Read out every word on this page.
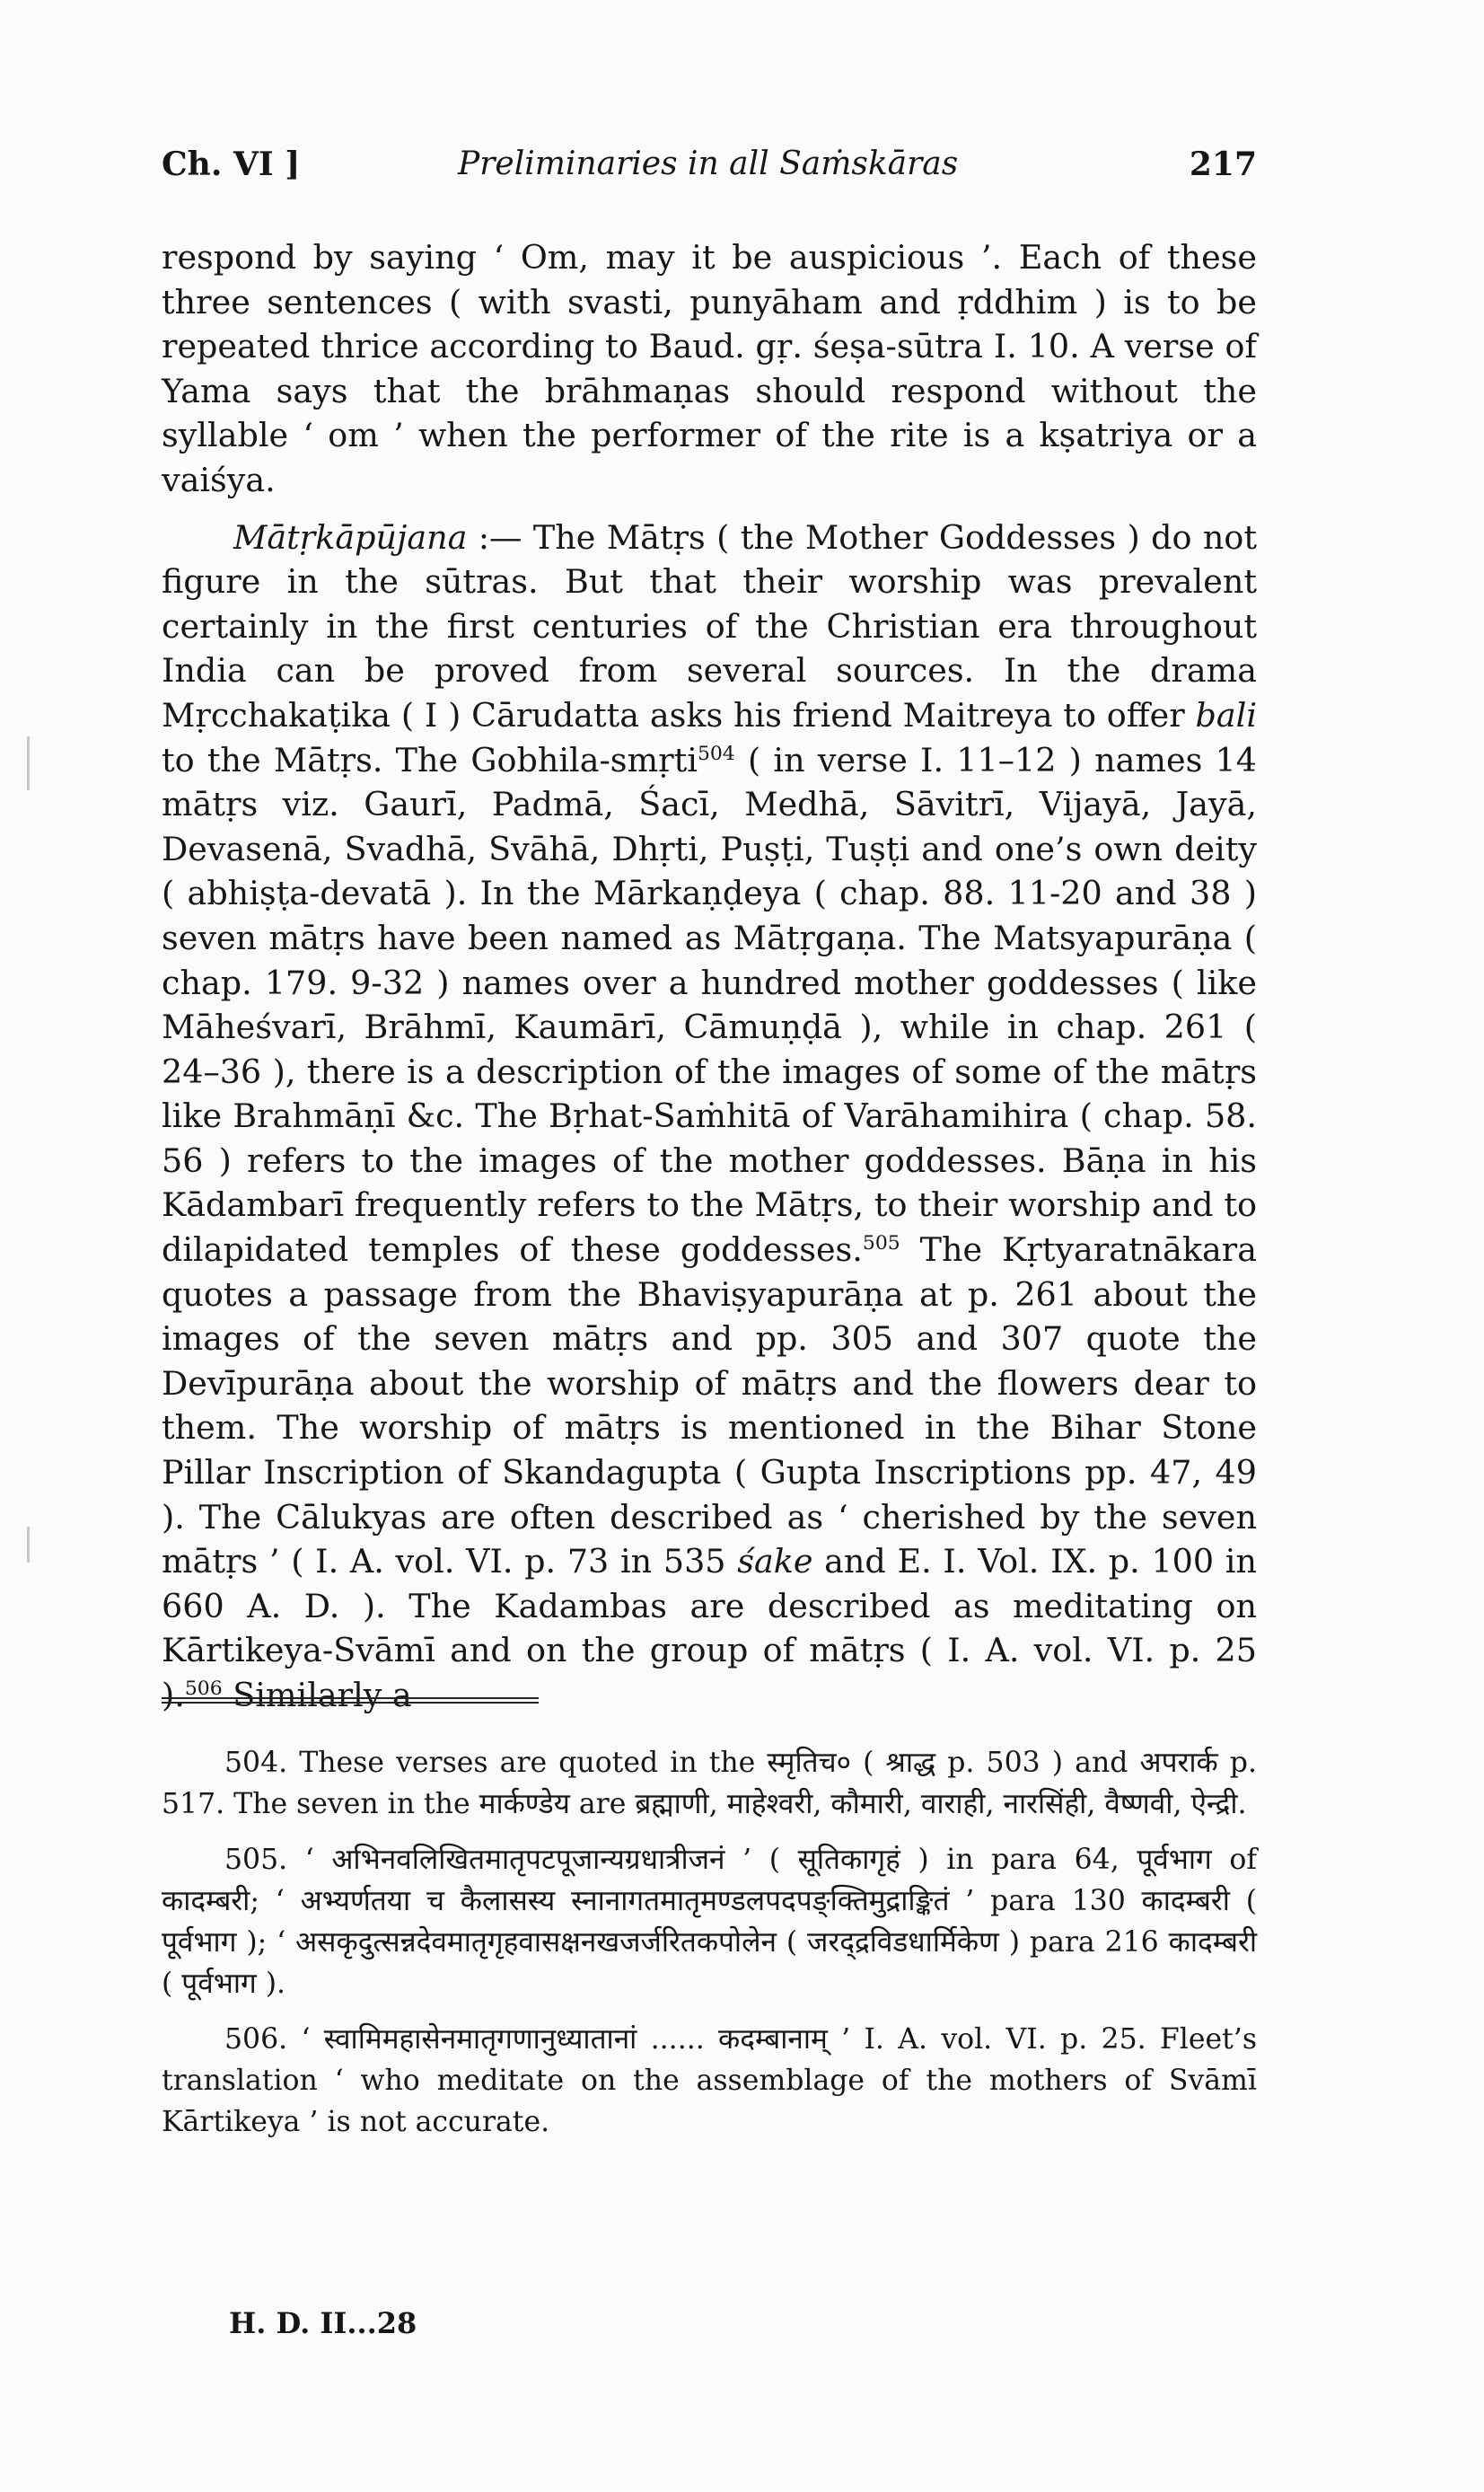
Ch. VI ]	Preliminaries in all Saṁskāras	217

respond by saying ‘ Om, may it be auspicious ’. Each of these three sentences ( with svasti, punyāham and ṛddhim ) is to be repeated thrice according to Baud. gṛ. śeṣa-sūtra I. 10. A verse of Yama says that the brāhmaṇas should respond without the syllable ‘ om ’ when the performer of the rite is a kṣatriya or a vaiśya.

Mātṛkāpūjana :— The Mātṛs ( the Mother Goddesses ) do not figure in the sūtras. But that their worship was prevalent certainly in the first centuries of the Christian era throughout India can be proved from several sources. In the drama Mṛcchakaṭika ( I ) Cārudatta asks his friend Maitreya to offer bali to the Mātṛs. The Gobhila-smṛti$^{504}$ ( in verse I. 11–12 ) names 14 mātṛs viz. Gaurī, Padmā, Śacī, Medhā, Sāvitrī, Vijayā, Jayā, Devasenā, Svadhā, Svāhā, Dhṛti, Puṣṭi, Tuṣṭi and one’s own deity ( abhiṣṭa-devatā ). In the Mārkaṇḍeya ( chap. 88. 11-20 and 38 ) seven mātṛs have been named as Mātṛgaṇa. The Matsyapurāṇa ( chap. 179. 9-32 ) names over a hundred mother goddesses ( like Māheśvarī, Brāhmī, Kaumārī, Cāmuṇḍā ), while in chap. 261 ( 24–36 ), there is a description of the images of some of the mātṛs like Brahmāṇī &c. The Bṛhat-Saṁhitā of Varāhamihira ( chap. 58. 56 ) refers to the images of the mother goddesses. Bāṇa in his Kādambarī frequently refers to the Mātṛs, to their worship and to dilapidated temples of these goddesses.$^{505}$ The Kṛtyaratnākara quotes a passage from the Bhaviṣyapurāṇa at p. 261 about the images of the seven mātṛs and pp. 305 and 307 quote the Devīpurāṇa about the worship of mātṛs and the flowers dear to them. The worship of mātṛs is mentioned in the Bihar Stone Pillar Inscription of Skandagupta ( Gupta Inscriptions pp. 47, 49 ). The Cālukyas are often described as ‘ cherished by the seven mātṛs ’ ( I. A. vol. VI. p. 73 in 535 śake and E. I. Vol. IX. p. 100 in 660 A. D. ). The Kadambas are described as meditating on Kārtikeya-Svāmī and on the group of mātṛs ( I. A. vol. VI. p. 25 ).$^{506}$ Similarly a

504. These verses are quoted in the स्मृतिच० ( श्राद्ध p. 503 ) and अपरार्क p. 517. The seven in the मार्कण्डेय are ब्रह्माणी, माहेश्वरी, कौमारी, वाराही, नारसिंही, वैष्णवी, ऐन्द्री.

505. ‘ अभिनवलिखितमातृपटपूजान्यग्रधात्रीजनं ’ ( सूतिकागृहं ) in para 64, पूर्वभाग of कादम्बरी; ‘ अभ्यर्णतया च कैलासस्य स्नानागतमातृमण्डलपदपङ्क्तिमुद्राङ्कितं ’ para 130 कादम्बरी ( पूर्वभाग ); ‘ असकृदुत्सन्नदेवमातृगृहवासक्षनखजर्जरितकपोलेन ( जरद्द्रविडधार्मिकेण ) para 216 कादम्बरी ( पूर्वभाग ).

506. ‘ स्वामिमहासेनमातृगणानुध्यातानां ...... कदम्बानाम् ’ I. A. vol. VI. p. 25. Fleet’s translation ‘ who meditate on the assemblage of the mothers of Svāmī Kārtikeya ’ is not accurate.

H. D. II...28
